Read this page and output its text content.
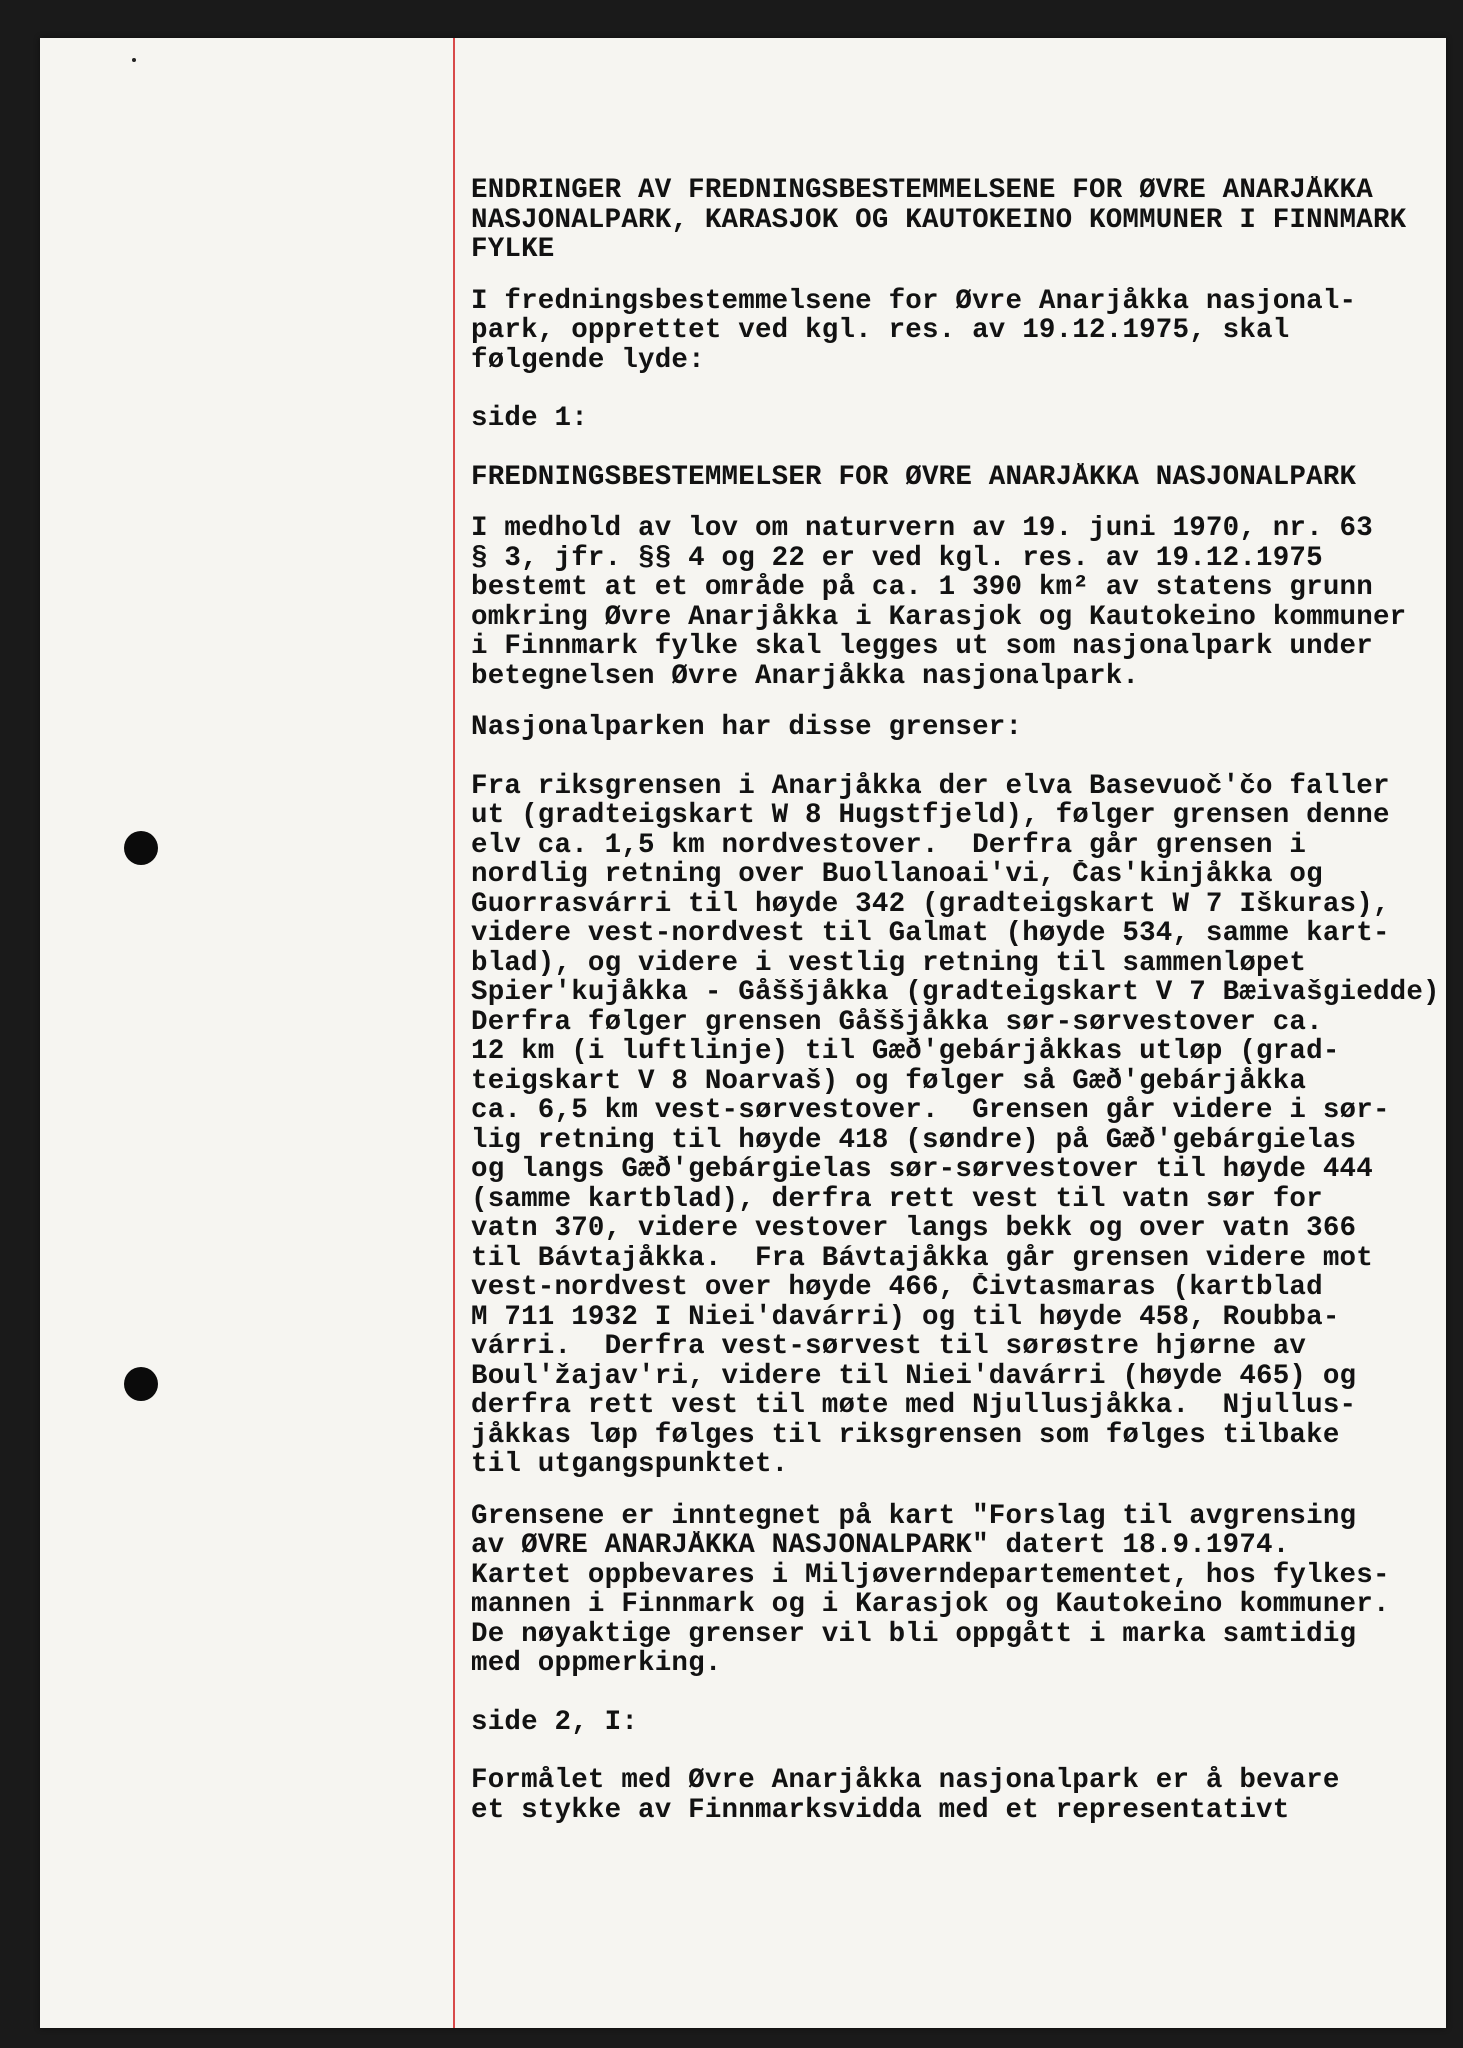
ENDRINGER AV FREDNINGSBESTEMMELSENE FOR ØVRE ANARJÅKKA
NASJONALPARK, KARASJOK OG KAUTOKEINO KOMMUNER I FINNMARK
FYLKE
I fredningsbestemmelsene for Øvre Anarjåkka nasjonal-
park, opprettet ved kgl. res. av 19.12.1975, skal
følgende lyde:
side 1:
FREDNINGSBESTEMMELSER FOR ØVRE ANARJÅKKA NASJONALPARK
I medhold av lov om naturvern av 19. juni 1970, nr. 63
§ 3, jfr. §§ 4 og 22 er ved kgl. res. av 19.12.1975
bestemt at et område på ca. 1 390 km² av statens grunn
omkring Øvre Anarjåkka i Karasjok og Kautokeino kommuner
i Finnmark fylke skal legges ut som nasjonalpark under
betegnelsen Øvre Anarjåkka nasjonalpark.
Nasjonalparken har disse grenser:
Fra riksgrensen i Anarjåkka der elva Basevuoč'čo faller
ut (gradteigskart W 8 Hugstfjeld), følger grensen denne
elv ca. 1,5 km nordvestover.  Derfra går grensen i
nordlig retning over Buollanoai'vi, Čas'kinjåkka og
Guorrasvárri til høyde 342 (gradteigskart W 7 Iškuras),
videre vest-nordvest til Galmat (høyde 534, samme kart-
blad), og videre i vestlig retning til sammenløpet
Spier'kujåkka - Gåššjåkka (gradteigskart V 7 Bæivašgiedde)
Derfra følger grensen Gåššjåkka sør-sørvestover ca.
12 km (i luftlinje) til Gæð'gebárjåkkas utløp (grad-
teigskart V 8 Noarvaš) og følger så Gæð'gebárjåkka
ca. 6,5 km vest-sørvestover.  Grensen går videre i sør-
lig retning til høyde 418 (søndre) på Gæð'gebárgielas
og langs Gæð'gebárgielas sør-sørvestover til høyde 444
(samme kartblad), derfra rett vest til vatn sør for
vatn 370, videre vestover langs bekk og over vatn 366
til Bávtajåkka.  Fra Bávtajåkka går grensen videre mot
vest-nordvest over høyde 466, Čivtasmaras (kartblad
M 711 1932 I Niei'davárri) og til høyde 458, Roubba-
várri.  Derfra vest-sørvest til sørøstre hjørne av
Boul'žajav'ri, videre til Niei'davárri (høyde 465) og
derfra rett vest til møte med Njullusjåkka.  Njullus-
jåkkas løp følges til riksgrensen som følges tilbake
til utgangspunktet.
Grensene er inntegnet på kart "Forslag til avgrensing
av ØVRE ANARJÅKKA NASJONALPARK" datert 18.9.1974.
Kartet oppbevares i Miljøverndepartementet, hos fylkes-
mannen i Finnmark og i Karasjok og Kautokeino kommuner.
De nøyaktige grenser vil bli oppgått i marka samtidig
med oppmerking.
side 2, I:
Formålet med Øvre Anarjåkka nasjonalpark er å bevare
et stykke av Finnmarksvidda med et representativt
